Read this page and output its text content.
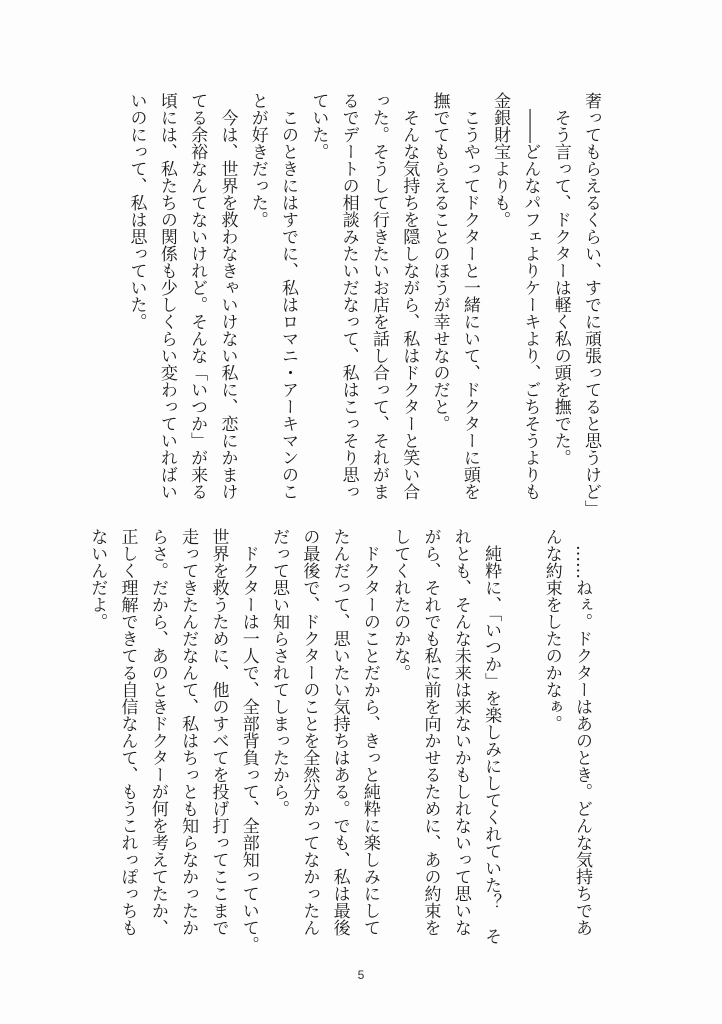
奢ってもらえるくらい、すでに頑張ってると思うけど」
　そう言って、ドクターは軽く私の頭を撫でた。
　――どんなパフェよりケーキより、ごちそうよりも
金銀財宝よりも。
　こうやってドクターと一緒にいて、ドクターに頭を
撫でてもらえることのほうが幸せなのだと。
　そんな気持ちを隠しながら、私はドクターと笑い合
った。そうして行きたいお店を話し合って、それがま
るでデートの相談みたいだなって、私はこっそり思っ
ていた。
　このときにはすでに、私はロマニ・アーキマンのこ
とが好きだった。
　今は、世界を救わなきゃいけない私に、恋にかまけ
てる余裕なんてないけれど。そんな「いつか」が来る
頃には、私たちの関係も少しくらい変わっていればい
いのにって、私は思っていた。
　……ねぇ。ドクターはあのとき。どんな気持ちであ
んな約束をしたのかなぁ。

　純粋に、「いつか」を楽しみにしてくれていた？　そ
れとも、そんな未来は来ないかもしれないって思いな
がら、それでも私に前を向かせるために、あの約束を
してくれたのかな。
　ドクターのことだから、きっと純粋に楽しみにして
たんだって、思いたい気持ちはある。でも、私は最後
の最後で、ドクターのことを全然分かってなかったん
だって思い知らされてしまったから。
　ドクターは一人で、全部背負って、全部知っていて。
世界を救うために、他のすべてを投げ打ってここまで
走ってきたんだなんて、私はちっとも知らなかったか
らさ。だから、あのときドクターが何を考えてたか、
正しく理解できてる自信なんて、もうこれっぽっちも
ないんだよ。
5
